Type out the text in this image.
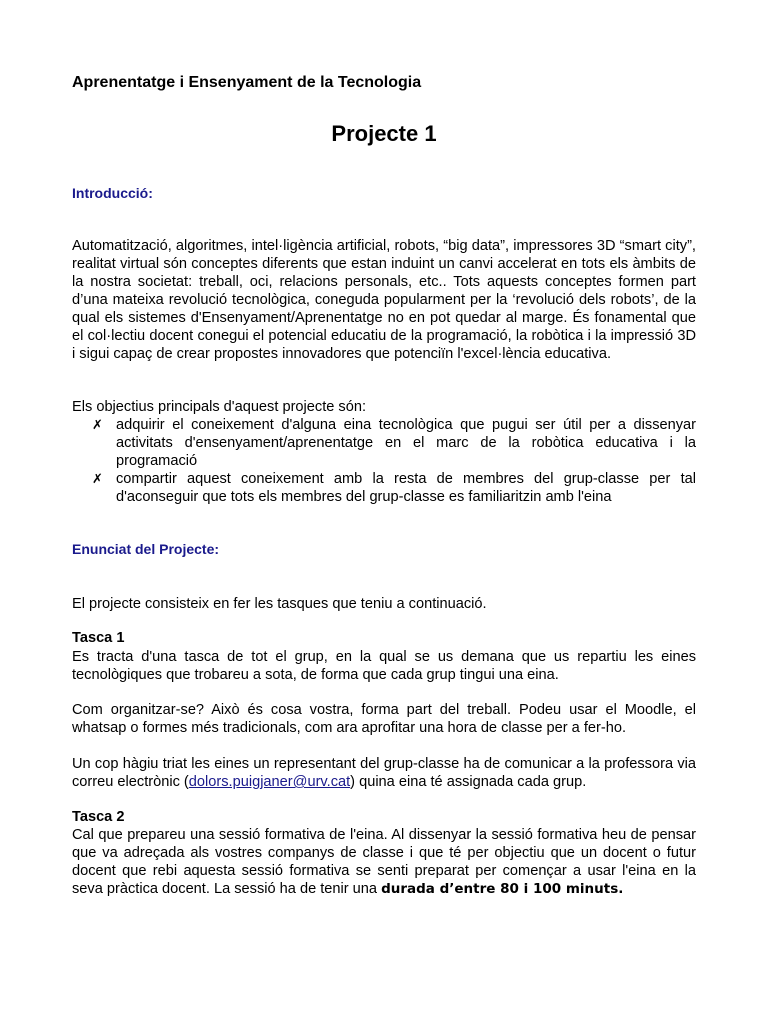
Aprenentatge i Ensenyament de la Tecnologia

Projecte 1
Introducció:

Automatització, algoritmes, intel·ligència artificial, robots, “big data”, impressores 3D “smart city”, realitat virtual són conceptes diferents que estan induint un canvi accelerat en tots els àmbits de la nostra societat: treball, oci, relacions personals, etc.. Tots aquests conceptes formen part d’una mateixa revolució tecnològica, coneguda popularment per la ‘revolució dels robots’, de la qual els sistemes d'Ensenyament/Aprenentatge no en pot quedar al marge. És fonamental que el col·lectiu docent conegui el potencial educatiu de la programació, la robòtica i la impressió 3D i sigui capaç de crear propostes innovadores que potenciïn l'excel·lència educativa.

Els objectius principals d'aquest projecte són:

✗ adquirir el coneixement d'alguna eina tecnològica que pugui ser útil per a dissenyar activitats d'ensenyament/aprenentatge en el marc de la robòtica educativa i la programació
✗ compartir aquest coneixement amb la resta de membres del grup-classe per tal d'aconseguir que tots els membres del grup-classe es familiaritzin amb l'eina
Enunciat del Projecte:

El projecte consisteix en fer les tasques que teniu a continuació.

Tasca 1

Es tracta d'una tasca de tot el grup, en la qual se us demana que us repartiu les eines tecnològiques que trobareu a sota, de forma que cada grup tingui una eina.

Com organitzar-se? Això és cosa vostra, forma part del treball. Podeu usar el Moodle, el whatsap o formes més tradicionals, com ara aprofitar una hora de classe per a fer-ho.

Un cop hàgiu triat les eines un representant del grup-classe ha de comunicar a la professora via correu electrònic (dolors.puigjaner@urv.cat) quina eina té assignada cada grup.

Tasca 2

Cal que prepareu una sessió formativa de l'eina. Al dissenyar la sessió formativa heu de pensar que va adreçada als vostres companys de classe i que té per objectiu que un docent o futur docent que rebi aquesta sessió formativa se senti preparat per començar a usar l'eina en la seva pràctica docent. La sessió ha de tenir una durada d’entre 80 i 100 minuts.
